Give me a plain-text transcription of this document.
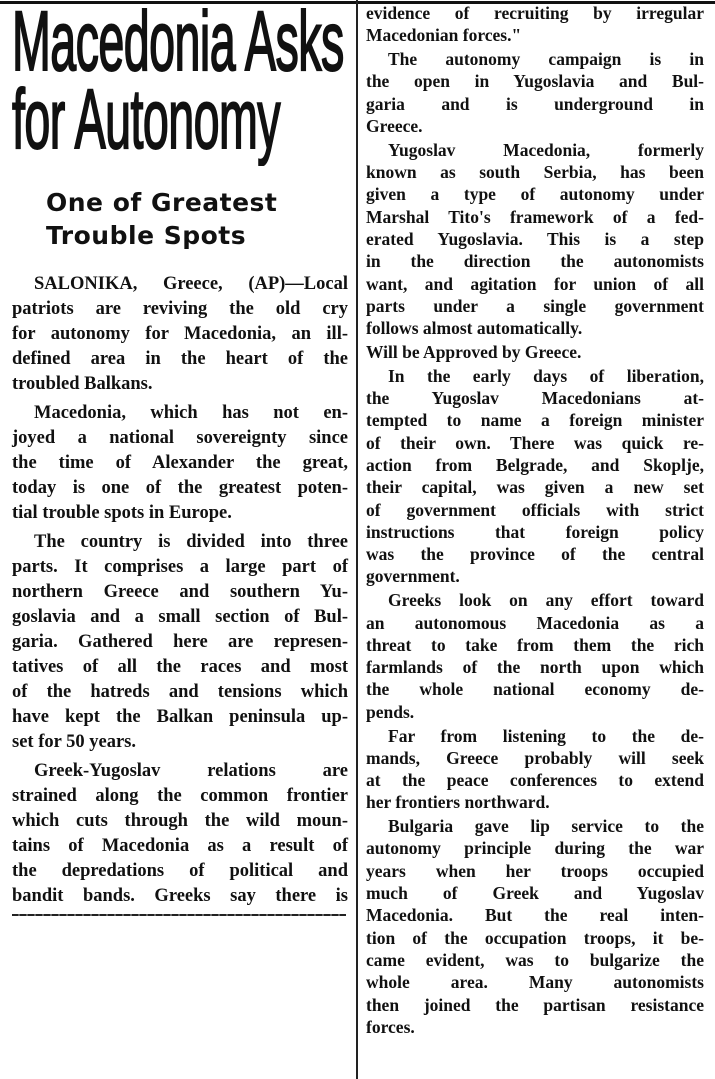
Macedonia Asks
for Autonomy
One of Greatest
Trouble Spots
SALONIKA, Greece, (AP)—Local
patriots are reviving the old cry
for autonomy for Macedonia, an ill-
defined area in the heart of the
troubled Balkans.
Macedonia, which has not en-
joyed a national sovereignty since
the time of Alexander the great,
today is one of the greatest poten-
tial trouble spots in Europe.
The country is divided into three
parts. It comprises a large part of
northern Greece and southern Yu-
goslavia and a small section of Bul-
garia. Gathered here are represen-
tatives of all the races and most
of the hatreds and tensions which
have kept the Balkan peninsula up-
set for 50 years.
Greek-Yugoslav relations are
strained along the common frontier
which cuts through the wild moun-
tains of Macedonia as a result of
the depredations of political and
bandit bands. Greeks say there is
evidence of recruiting by irregular
Macedonian forces."
The autonomy campaign is in
the open in Yugoslavia and Bul-
garia and is underground in
Greece.
Yugoslav Macedonia, formerly
known as south Serbia, has been
given a type of autonomy under
Marshal Tito's framework of a fed-
erated Yugoslavia. This is a step
in the direction the autonomists
want, and agitation for union of all
parts under a single government
follows almost automatically.
Will be Approved by Greece.
In the early days of liberation,
the Yugoslav Macedonians at-
tempted to name a foreign minister
of their own. There was quick re-
action from Belgrade, and Skoplje,
their capital, was given a new set
of government officials with strict
instructions that foreign policy
was the province of the central
government.
Greeks look on any effort toward
an autonomous Macedonia as a
threat to take from them the rich
farmlands of the north upon which
the whole national economy de-
pends.
Far from listening to the de-
mands, Greece probably will seek
at the peace conferences to extend
her frontiers northward.
Bulgaria gave lip service to the
autonomy principle during the war
years when her troops occupied
much of Greek and Yugoslav
Macedonia. But the real inten-
tion of the occupation troops, it be-
came evident, was to bulgarize the
whole area. Many autonomists
then joined the partisan resistance
forces.
